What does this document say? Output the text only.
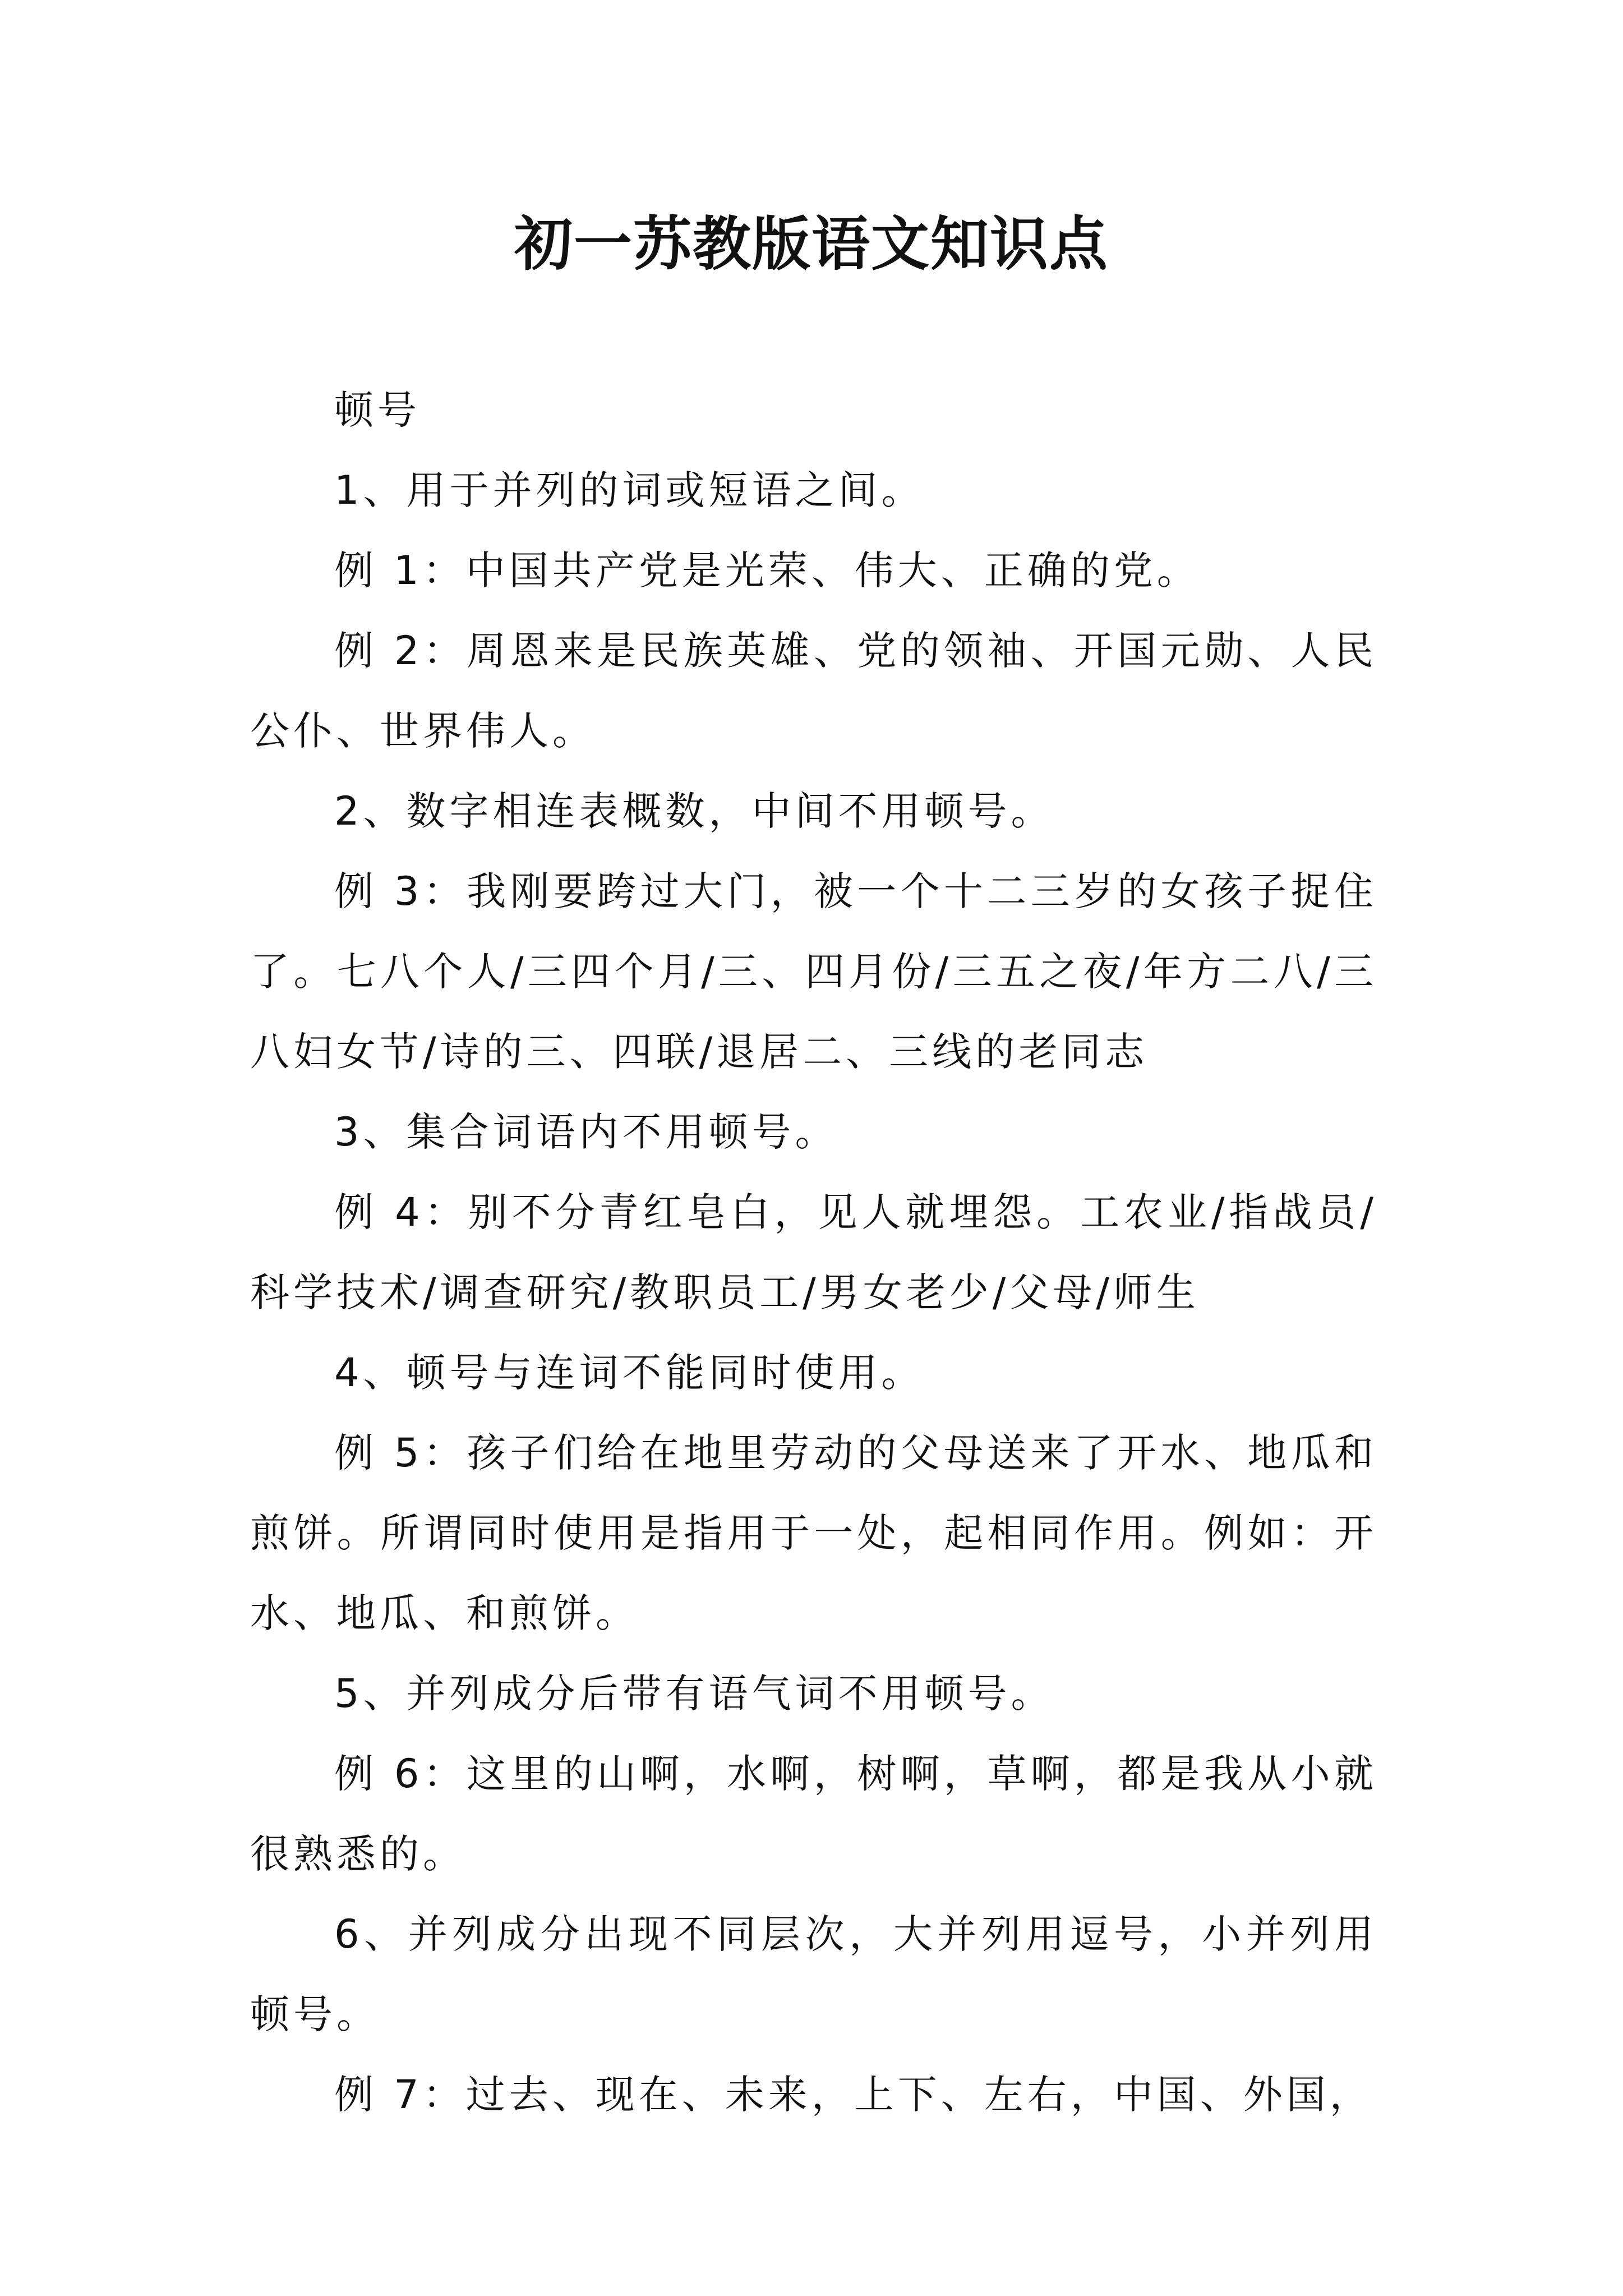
初一苏教版语文知识点

顿号

1、用于并列的词或短语之间。

例 1：中国共产党是光荣、伟大、正确的党。

例 2：周恩来是民族英雄、党的领袖、开国元勋、人民公仆、世界伟人。

2、数字相连表概数，中间不用顿号。

例 3：我刚要跨过大门，被一个十二三岁的女孩子捉住了。七八个人/三四个月/三、四月份/三五之夜/年方二八/三八妇女节/诗的三、四联/退居二、三线的老同志

3、集合词语内不用顿号。

例 4：别不分青红皂白，见人就埋怨。工农业/指战员/科学技术/调查研究/教职员工/男女老少/父母/师生

4、顿号与连词不能同时使用。

例 5：孩子们给在地里劳动的父母送来了开水、地瓜和煎饼。所谓同时使用是指用于一处，起相同作用。例如：开水、地瓜、和煎饼。

5、并列成分后带有语气词不用顿号。

例 6：这里的山啊，水啊，树啊，草啊，都是我从小就很熟悉的。

6、并列成分出现不同层次，大并列用逗号，小并列用顿号。

例 7：过去、现在、未来，上下、左右，中国、外国，
